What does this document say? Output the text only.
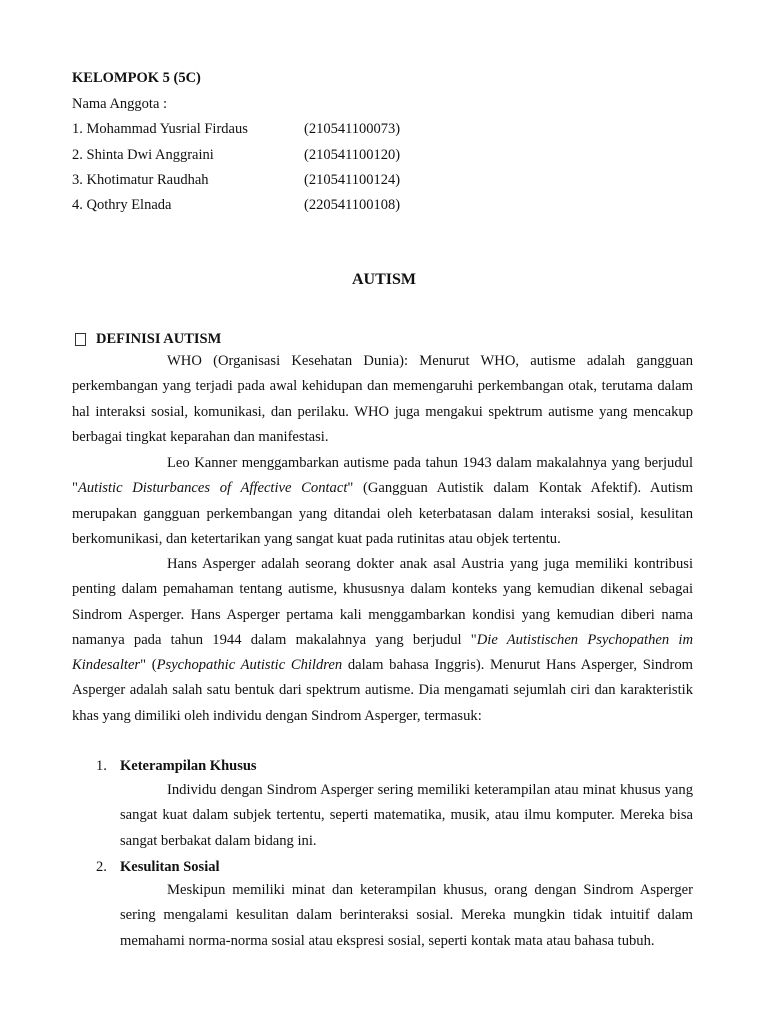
KELOMPOK 5 (5C)
Nama Anggota :
1. Mohammad Yusrial Firdaus	(210541100073)
2. Shinta Dwi Anggraini	(210541100120)
3. Khotimatur Raudhah	(210541100124)
4. Qothry Elnada	(220541100108)
AUTISM
DEFINISI AUTISM
WHO (Organisasi Kesehatan Dunia): Menurut WHO, autisme adalah gangguan perkembangan yang terjadi pada awal kehidupan dan memengaruhi perkembangan otak, terutama dalam hal interaksi sosial, komunikasi, dan perilaku. WHO juga mengakui spektrum autisme yang mencakup berbagai tingkat keparahan dan manifestasi.
Leo Kanner menggambarkan autisme pada tahun 1943 dalam makalahnya yang berjudul "Autistic Disturbances of Affective Contact" (Gangguan Autistik dalam Kontak Afektif). Autism merupakan gangguan perkembangan yang ditandai oleh keterbatasan dalam interaksi sosial, kesulitan berkomunikasi, dan ketertarikan yang sangat kuat pada rutinitas atau objek tertentu.
Hans Asperger adalah seorang dokter anak asal Austria yang juga memiliki kontribusi penting dalam pemahaman tentang autisme, khususnya dalam konteks yang kemudian dikenal sebagai Sindrom Asperger. Hans Asperger pertama kali menggambarkan kondisi yang kemudian diberi nama namanya pada tahun 1944 dalam makalahnya yang berjudul "Die Autistischen Psychopathen im Kindesalter" (Psychopathic Autistic Children dalam bahasa Inggris). Menurut Hans Asperger, Sindrom Asperger adalah salah satu bentuk dari spektrum autisme. Dia mengamati sejumlah ciri dan karakteristik khas yang dimiliki oleh individu dengan Sindrom Asperger, termasuk:
1. Keterampilan Khusus
Individu dengan Sindrom Asperger sering memiliki keterampilan atau minat khusus yang sangat kuat dalam subjek tertentu, seperti matematika, musik, atau ilmu komputer. Mereka bisa sangat berbakat dalam bidang ini.
2. Kesulitan Sosial
Meskipun memiliki minat dan keterampilan khusus, orang dengan Sindrom Asperger sering mengalami kesulitan dalam berinteraksi sosial. Mereka mungkin tidak intuitif dalam memahami norma-norma sosial atau ekspresi sosial, seperti kontak mata atau bahasa tubuh.
